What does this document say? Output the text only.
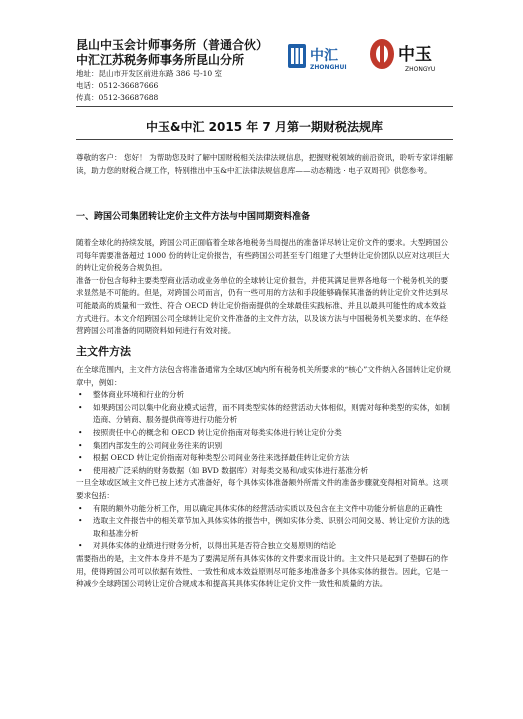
昆山中玉会计师事务所（普通合伙）
中汇江苏税务师事务所昆山分所
地址：昆山市开发区前进东路 386 号-10 室
电话：0512-36687666
传真：0512-36687688
中汇
ZHONGHUI
中玉
ZHONGYU
中玉&中汇 2015 年 7 月第一期财税法规库

尊敬的客户： 您好！ 为帮助您及时了解中国财税相关法律法规信息，把握财税领域的前沿资讯，聆听专家详细解读，助力您的财税合规工作，特别推出中玉&中汇法律法规信息库——动态精选 · 电子双周刊》供您参考。

一、跨国公司集团转让定价主文件方法与中国同期资料准备

随着全球化的持续发展，跨国公司正面临着全球各地税务当局提出的准备详尽转让定价文件的要求。大型跨国公司每年需要准备超过 1000 份的转让定价报告，有些跨国公司甚至专门组建了大型转让定价团队以应对这项巨大的转让定价税务合规负担。

准备一份包含每种主要类型商业活动或业务单位的全球转让定价报告，并使其满足世界各地每一个税务机关的要求显然是不可能的。但是，对跨国公司而言，仍有一些可用的方法和手段能够确保其准备的转让定价文件达到尽可能最高的质量和一致性、符合 OECD 转让定价指南提供的全球最佳实践标准、并且以最具可能性的成本效益方式进行。本文介绍跨国公司全球转让定价文件准备的主文件方法，以及该方法与中国税务机关要求的、在华经营跨国公司准备的同期资料如何进行有效对接。

主文件方法

在全球范围内，主文件方法包含将准备通常为全球/区域内所有税务机关所要求的“核心”文件纳入各国转让定价规章中，例如：

• 整体商业环境和行业的分析
• 如果跨国公司以集中化商业模式运营，而不同类型实体的经营活动大体相似，则需对每种类型的实体，如制造商、分销商、服务提供商等进行功能分析
• 按照责任中心的概念和 OECD 转让定价指南对每类实体进行转让定价分类
• 集团内部发生的公司间业务往来的识别
• 根据 OECD 转让定价指南对每种类型公司间业务往来选择最佳转让定价方法
• 使用被广泛采纳的财务数据（如 BVD 数据库）对每类交易和/或实体进行基准分析

一旦全球或区域主文件已按上述方式准备好，每个具体实体准备额外所需文件的准备步骤就变得相对简单。这项要求包括：

• 有限的额外功能分析工作，用以确定具体实体的经营活动实质以及包含在主文件中功能分析信息的正确性
• 选取主文件报告中的相关章节加入具体实体的报告中，例如实体分类、识别公司间交易、转让定价方法的选取和基准分析
• 对具体实体的业绩进行财务分析，以得出其是否符合独立交易原则的结论

需要指出的是，主文件本身并不是为了要满足所有具体实体的文件要求而设计的。主文件只是起到了垫脚石的作用，使得跨国公司可以依据有效性、一致性和成本效益原则尽可能多地准备多个具体实体的报告。因此，它是一种减少全球跨国公司转让定价合规成本和提高其具体实体转让定价文件一致性和质量的方法。
